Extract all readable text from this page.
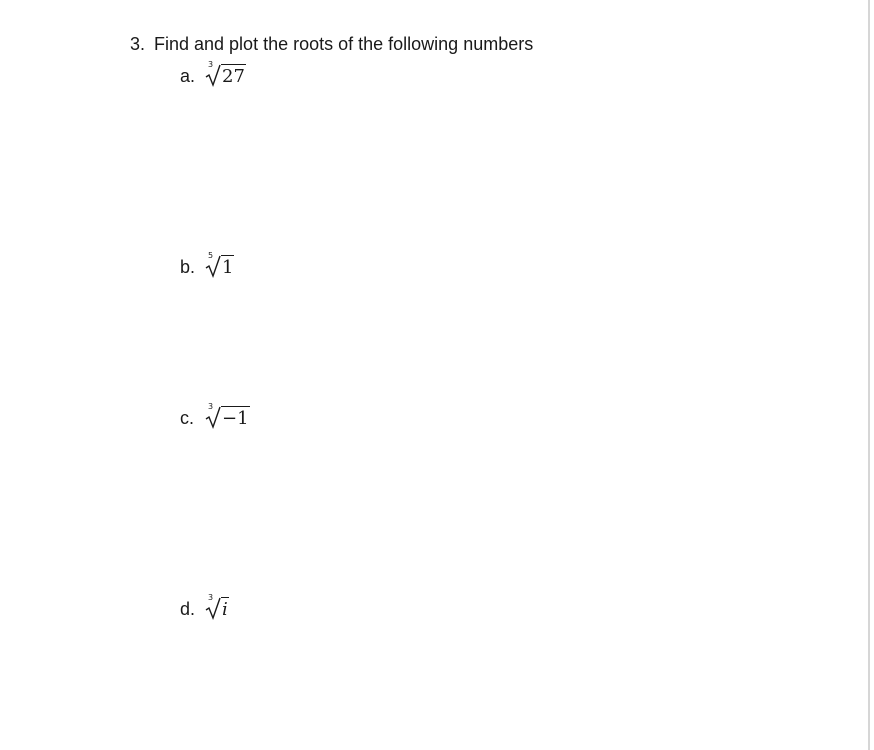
3. Find and plot the roots of the following numbers
a.
3
27
b.
5
1
c.
3
−1
d.
3
i
